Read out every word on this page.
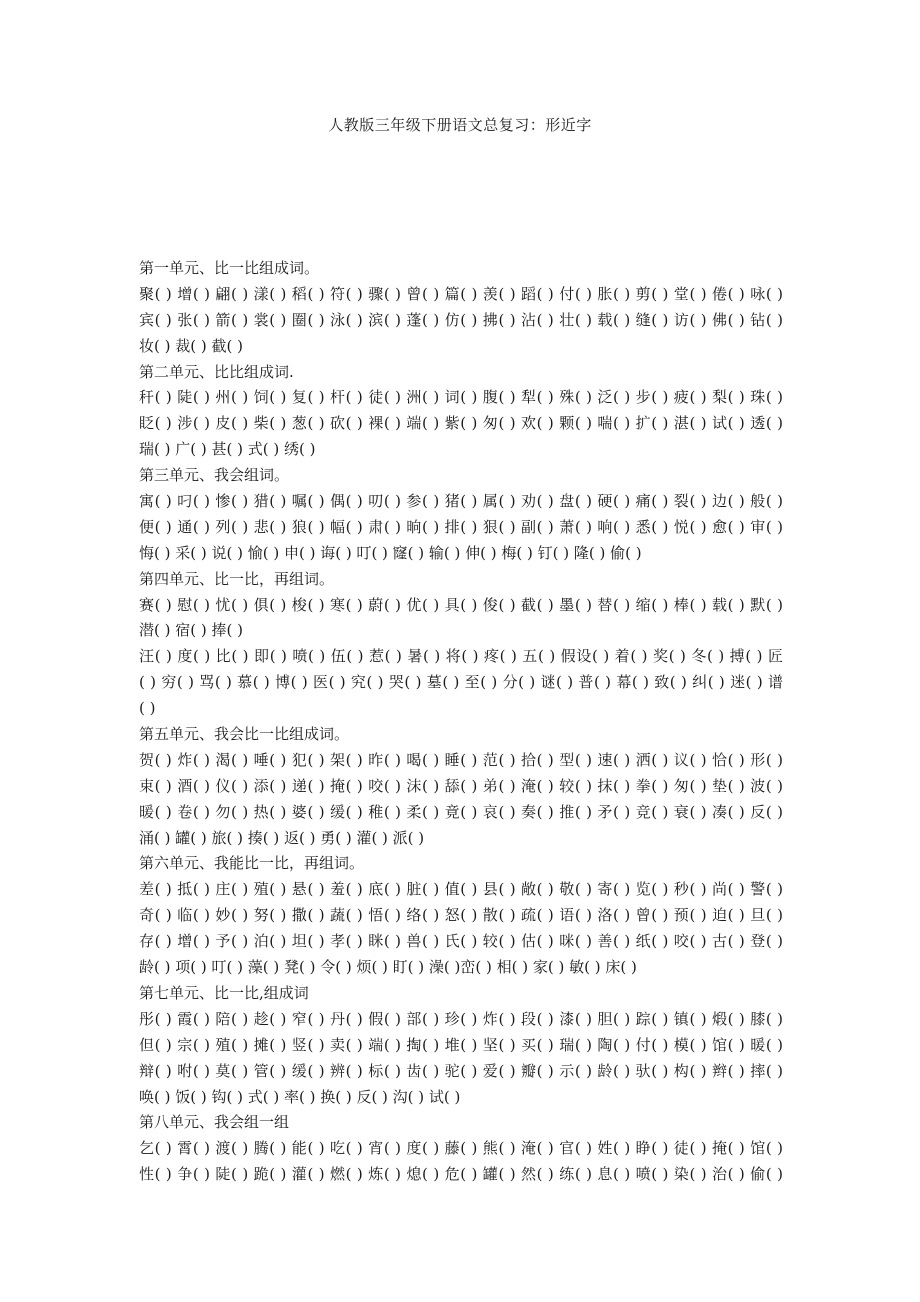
人教版三年级下册语文总复习：形近字
第一单元、比一比组成词。
聚( ) 增( ) 翩( ) 漾( ) 稻( ) 符( ) 骤( ) 曾( ) 篇( ) 羡( ) 蹈( ) 付( ) 胀( ) 剪( ) 堂( ) 倦( ) 咏( )
宾( ) 张( ) 箭( ) 裳( ) 圈( ) 泳( ) 滨( ) 蓬( ) 仿( ) 拂( ) 沾( ) 壮( ) 载( ) 缝( ) 访( ) 佛( ) 钻( )
妆( ) 裁( ) 截( )
第二单元、比比组成词.
秆( ) 陡( ) 州( ) 饲( ) 复( ) 杆( ) 徒( ) 洲( ) 词( ) 腹( ) 犁( ) 殊( ) 泛( ) 步( ) 疲( ) 梨( ) 珠( )
眨( ) 涉( ) 皮( ) 柴( ) 葱( ) 砍( ) 裸( ) 端( ) 紫( ) 匆( ) 欢( ) 颗( ) 喘( ) 扩( ) 湛( ) 试( ) 透( )
瑞( ) 广( ) 甚( ) 式( ) 绣( )
第三单元、我会组词。
寓( ) 叼( ) 惨( ) 猎( ) 嘱( ) 偶( ) 叨( ) 参( ) 猪( ) 属( ) 劝( ) 盘( ) 硬( ) 痛( ) 裂( ) 边( ) 般( )
便( ) 通( ) 列( ) 悲( ) 狼( ) 幅( ) 肃( ) 晌( ) 排( ) 狠( ) 副( ) 萧( ) 响( ) 悉( ) 悦( ) 愈( ) 审( )
悔( ) 采( ) 说( ) 愉( ) 申( ) 诲( ) 叮( ) 窿( ) 输( ) 伸( ) 梅( ) 钉( ) 隆( ) 偷( )
第四单元、比一比，再组词。
赛( ) 慰( ) 忧( ) 俱( ) 梭( ) 寒( ) 蔚( ) 优( ) 具( ) 俊( ) 截( ) 墨( ) 替( ) 缩( ) 棒( ) 载( ) 默( )
潜( ) 宿( ) 捧( )
汪( ) 度( ) 比( ) 即( ) 喷( ) 伍( ) 惹( ) 暑( ) 将( ) 疼( ) 五( ) 假设( ) 着( ) 奖( ) 冬( ) 搏( ) 匠
( ) 穷( ) 骂( ) 慕( ) 博( ) 医( ) 究( ) 哭( ) 墓( ) 至( ) 分( ) 谜( ) 普( ) 幕( ) 致( ) 纠( ) 迷( ) 谱
( )
第五单元、我会比一比组成词。
贺( ) 炸( ) 渴( ) 唾( ) 犯( ) 架( ) 昨( ) 喝( ) 睡( ) 范( ) 拾( ) 型( ) 速( ) 洒( ) 议( ) 恰( ) 形( )
束( ) 酒( ) 仪( ) 添( ) 递( ) 掩( ) 咬( ) 沫( ) 舔( ) 弟( ) 淹( ) 较( ) 抹( ) 拳( ) 匆( ) 垫( ) 波( )
暖( ) 卷( ) 勿( ) 热( ) 婆( ) 缓( ) 稚( ) 柔( ) 竟( ) 哀( ) 奏( ) 推( ) 矛( ) 竞( ) 衰( ) 凑( ) 反( )
涌( ) 罐( ) 旅( ) 揍( ) 返( ) 勇( ) 灌( ) 派( )
第六单元、我能比一比，再组词。
差( ) 抵( ) 庄( ) 殖( ) 悬( ) 羞( ) 底( ) 脏( ) 值( ) 县( ) 敞( ) 敬( ) 寄( ) 览( ) 秒( ) 尚( ) 警( )
奇( ) 临( ) 妙( ) 努( ) 撒( ) 蔬( ) 悟( ) 络( ) 怒( ) 散( ) 疏( ) 语( ) 洛( ) 曾( ) 预( ) 迫( ) 旦( )
存( ) 增( ) 予( ) 泊( ) 坦( ) 孝( ) 眯( ) 兽( ) 氏( ) 较( ) 估( ) 咪( ) 善( ) 纸( ) 咬( ) 古( ) 登( )
龄( ) 项( ) 叮( ) 藻( ) 凳( ) 令( ) 烦( ) 盯( ) 澡( )峦( ) 相( ) 家( ) 敏( ) 床( )
第七单元、比一比,组成词
彤( ) 霞( ) 陪( ) 趁( ) 窄( ) 丹( ) 假( ) 部( ) 珍( ) 炸( ) 段( ) 漆( ) 胆( ) 踪( ) 镇( ) 煅( ) 膝( )
但( ) 宗( ) 殖( ) 摊( ) 竖( ) 卖( ) 端( ) 掏( ) 堆( ) 坚( ) 买( ) 瑞( ) 陶( ) 付( ) 模( ) 馆( ) 暖( )
辩( ) 咐( ) 莫( ) 管( ) 缓( ) 辨( ) 标( ) 齿( ) 驼( ) 爱( ) 瓣( ) 示( ) 龄( ) 驮( ) 构( ) 辫( ) 摔( )
唤( ) 饭( ) 钩( ) 式( ) 率( ) 换( ) 反( ) 沟( ) 试( )
第八单元、我会组一组
乞( ) 霄( ) 渡( ) 腾( ) 能( ) 吃( ) 宵( ) 度( ) 藤( ) 熊( ) 淹( ) 官( ) 姓( ) 睁( ) 徒( ) 掩( ) 馆( )
性( ) 争( ) 陡( ) 跪( ) 灌( ) 燃( ) 炼( ) 熄( ) 危( ) 罐( ) 然( ) 练( ) 息( ) 喷( ) 染( ) 治( ) 偷( )
